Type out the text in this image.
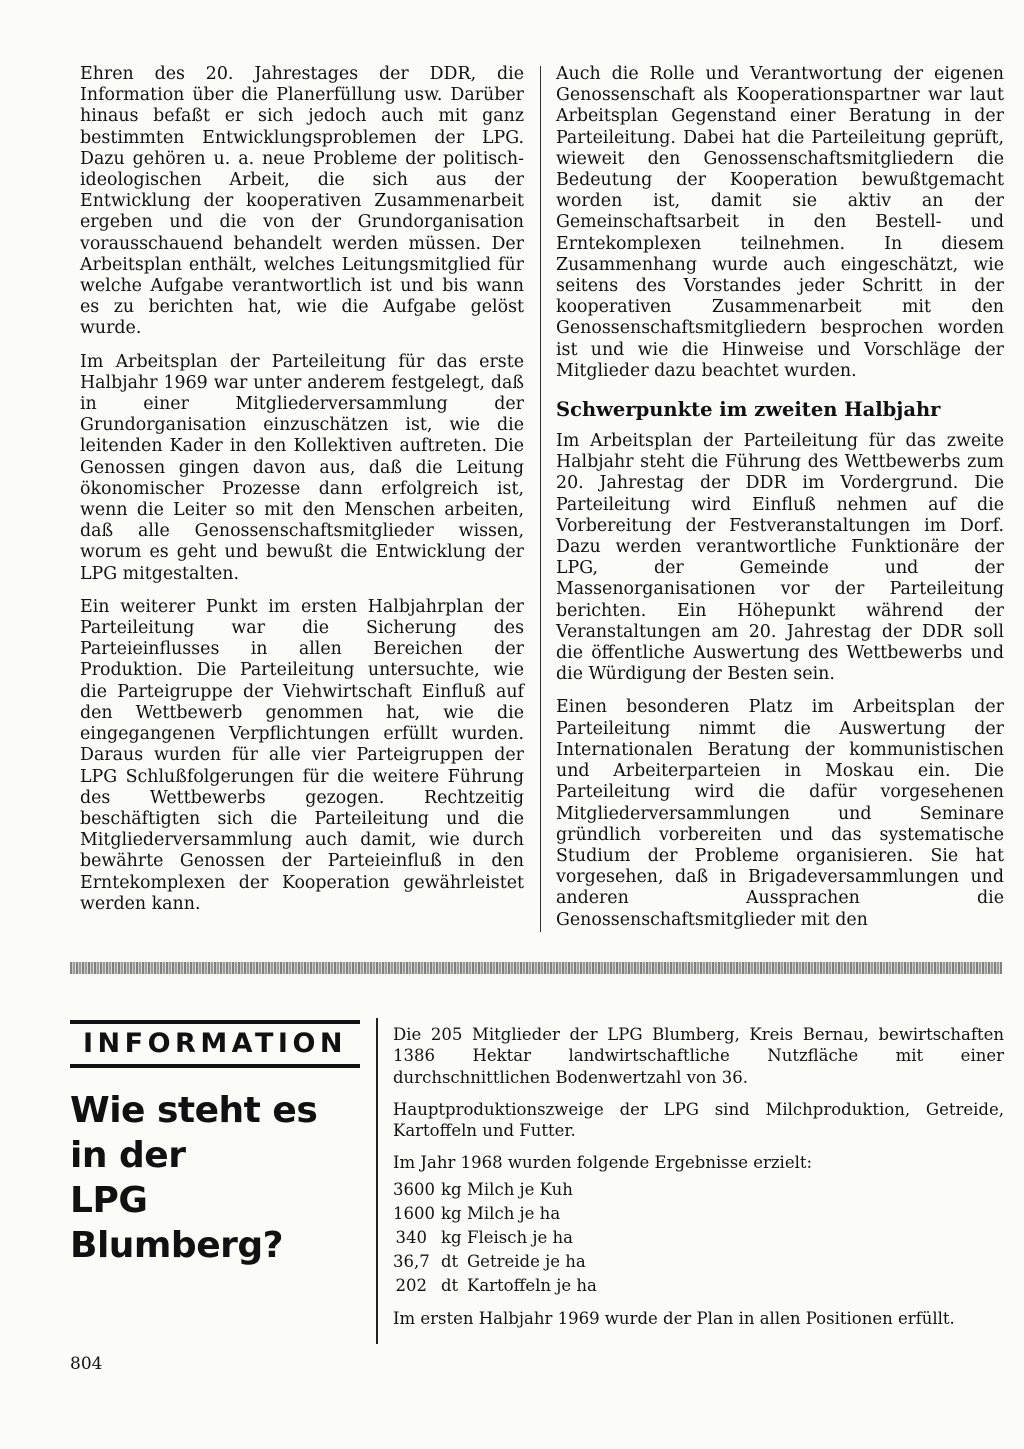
Ehren des 20. Jahrestages der DDR, die Information über die Planerfüllung usw. Darüber hinaus befaßt er sich jedoch auch mit ganz bestimmten Entwicklungsproblemen der LPG. Dazu gehören u. a. neue Probleme der politisch-ideologischen Arbeit, die sich aus der Entwicklung der kooperativen Zusammenarbeit ergeben und die von der Grundorganisation vorausschauend behandelt werden müssen. Der Arbeitsplan enthält, welches Leitungsmitglied für welche Aufgabe verantwortlich ist und bis wann es zu berichten hat, wie die Aufgabe gelöst wurde.

Im Arbeitsplan der Parteileitung für das erste Halbjahr 1969 war unter anderem festgelegt, daß in einer Mitgliederversammlung der Grundorganisation einzuschätzen ist, wie die leitenden Kader in den Kollektiven auftreten. Die Genossen gingen davon aus, daß die Leitung ökonomischer Prozesse dann erfolgreich ist, wenn die Leiter so mit den Menschen arbeiten, daß alle Genossenschaftsmitglieder wissen, worum es geht und bewußt die Entwicklung der LPG mitgestalten.

Ein weiterer Punkt im ersten Halbjahrplan der Parteileitung war die Sicherung des Parteieinflusses in allen Bereichen der Produktion. Die Parteileitung untersuchte, wie die Parteigruppe der Viehwirtschaft Einfluß auf den Wettbewerb genommen hat, wie die eingegangenen Verpflichtungen erfüllt wurden. Daraus wurden für alle vier Parteigruppen der LPG Schlußfolgerungen für die weitere Führung des Wettbewerbs gezogen. Rechtzeitig beschäftigten sich die Parteileitung und die Mitgliederversammlung auch damit, wie durch bewährte Genossen der Parteieinfluß in den Erntekomplexen der Kooperation gewährleistet werden kann.

Auch die Rolle und Verantwortung der eigenen Genossenschaft als Kooperationspartner war laut Arbeitsplan Gegenstand einer Beratung in der Parteileitung. Dabei hat die Parteileitung geprüft, wieweit den Genossenschaftsmitgliedern die Bedeutung der Kooperation bewußtgemacht worden ist, damit sie aktiv an der Gemeinschaftsarbeit in den Bestell- und Erntekomplexen teilnehmen. In diesem Zusammenhang wurde auch eingeschätzt, wie seitens des Vorstandes jeder Schritt in der kooperativen Zusammenarbeit mit den Genossenschaftsmitgliedern besprochen worden ist und wie die Hinweise und Vorschläge der Mitglieder dazu beachtet wurden.

Schwerpunkte im zweiten Halbjahr

Im Arbeitsplan der Parteileitung für das zweite Halbjahr steht die Führung des Wettbewerbs zum 20. Jahrestag der DDR im Vordergrund. Die Parteileitung wird Einfluß nehmen auf die Vorbereitung der Festveranstaltungen im Dorf. Dazu werden verantwortliche Funktionäre der LPG, der Gemeinde und der Massenorganisationen vor der Parteileitung berichten. Ein Höhepunkt während der Veranstaltungen am 20. Jahrestag der DDR soll die öffentliche Auswertung des Wettbewerbs und die Würdigung der Besten sein.

Einen besonderen Platz im Arbeitsplan der Parteileitung nimmt die Auswertung der Internationalen Beratung der kommunistischen und Arbeiterparteien in Moskau ein. Die Parteileitung wird die dafür vorgesehenen Mitgliederversammlungen und Seminare gründlich vorbereiten und das systematische Studium der Probleme organisieren. Sie hat vorgesehen, daß in Brigadeversammlungen und anderen Aussprachen die Genossenschaftsmitglieder mit den

INFORMATION
Wie steht es
in der
LPG Blumberg?

Die 205 Mitglieder der LPG Blumberg, Kreis Bernau, bewirtschaften 1386 Hektar landwirtschaftliche Nutzfläche mit einer durchschnittlichen Bodenwertzahl von 36.

Hauptproduktionszweige der LPG sind Milchproduktion, Getreide, Kartoffeln und Futter.

Im Jahr 1968 wurden folgende Ergebnisse erzielt:

3600 kg Milch je Kuh
1600 kg Milch je ha
340 kg Fleisch je ha
36,7 dt Getreide je ha
202 dt Kartoffeln je ha

Im ersten Halbjahr 1969 wurde der Plan in allen Positionen erfüllt.

804
